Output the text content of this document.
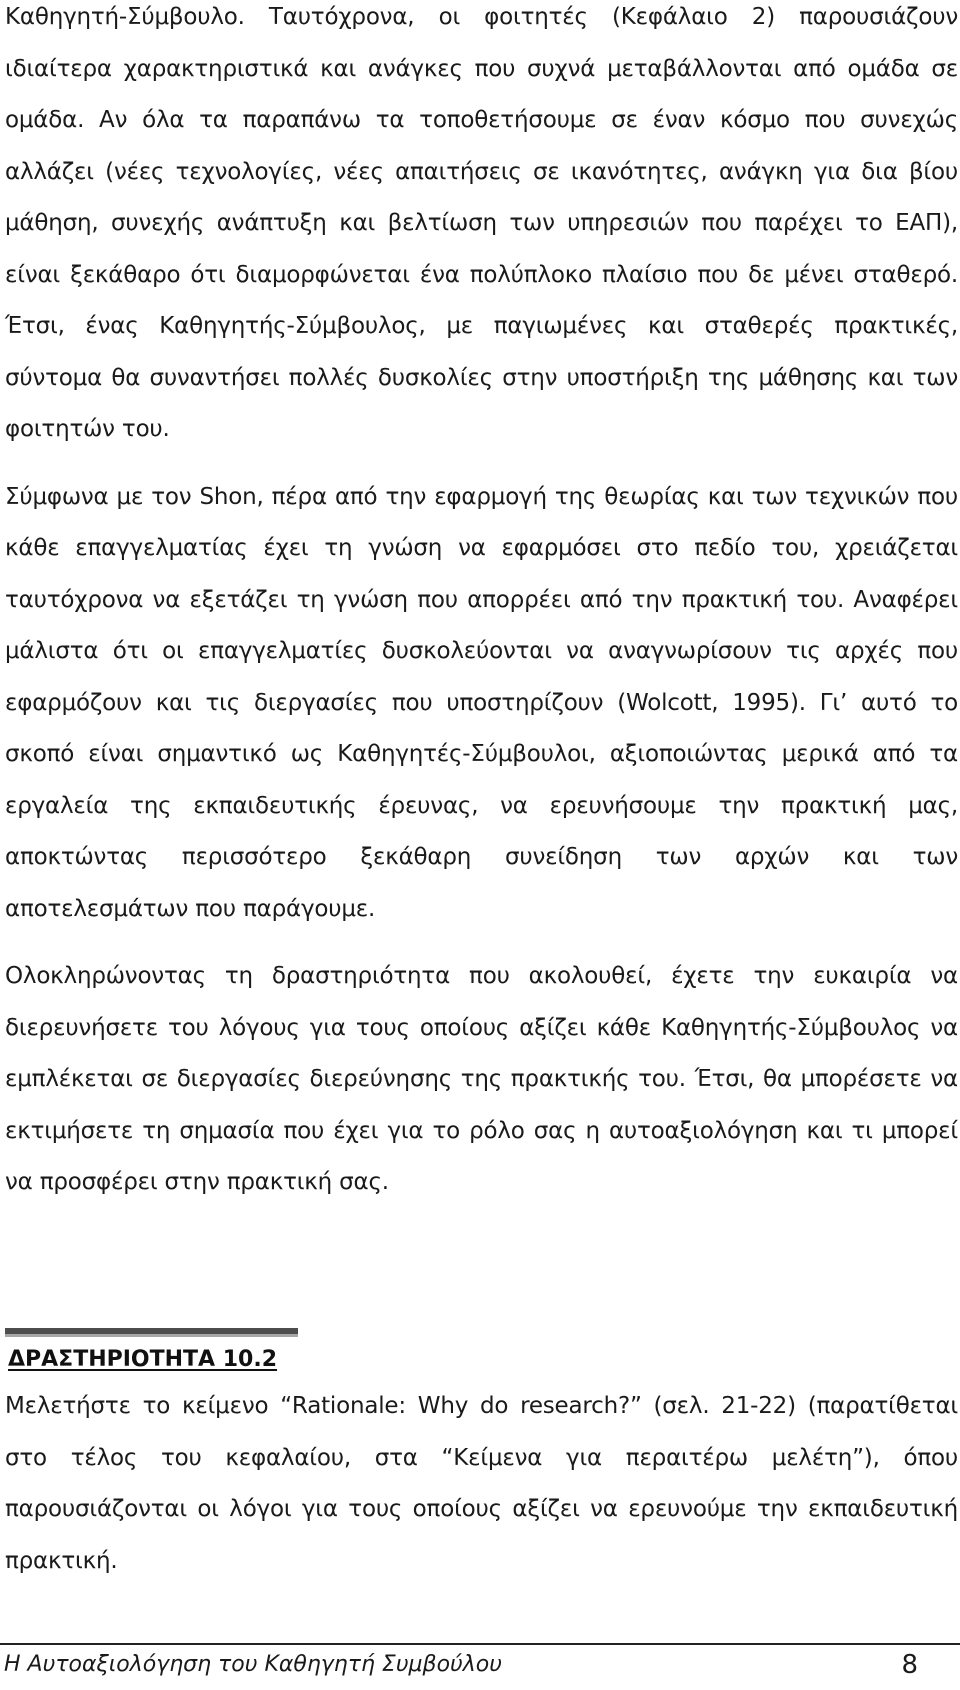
Καθηγητή-Σύμβουλο. Ταυτόχρονα, οι φοιτητές (Κεφάλαιο 2) παρουσιάζουν ιδιαίτερα χαρακτηριστικά και ανάγκες που συχνά μεταβάλλονται από ομάδα σε ομάδα. Αν όλα τα παραπάνω τα τοποθετήσουμε σε έναν κόσμο που συνεχώς αλλάζει (νέες τεχνολογίες, νέες απαιτήσεις σε ικανότητες, ανάγκη για δια βίου μάθηση, συνεχής ανάπτυξη και βελτίωση των υπηρεσιών που παρέχει το ΕΑΠ), είναι ξεκάθαρο ότι διαμορφώνεται ένα πολύπλοκο πλαίσιο που δε μένει σταθερό. Έτσι, ένας Καθηγητής-Σύμβουλος, με παγιωμένες και σταθερές πρακτικές, σύντομα θα συναντήσει πολλές δυσκολίες στην υποστήριξη της μάθησης και των φοιτητών του.

Σύμφωνα με τον Shon, πέρα από την εφαρμογή της θεωρίας και των τεχνικών που κάθε επαγγελματίας έχει τη γνώση να εφαρμόσει στο πεδίο του, χρειάζεται ταυτόχρονα να εξετάζει τη γνώση που απορρέει από την πρακτική του. Αναφέρει μάλιστα ότι οι επαγγελματίες δυσκολεύονται να αναγνωρίσουν τις αρχές που εφαρμόζουν και τις διεργασίες που υποστηρίζουν (Wolcott, 1995). Γι’ αυτό το σκοπό είναι σημαντικό ως Καθηγητές-Σύμβουλοι, αξιοποιώντας μερικά από τα εργαλεία της εκπαιδευτικής έρευνας, να ερευνήσουμε την πρακτική μας, αποκτώντας περισσότερο ξεκάθαρη συνείδηση των αρχών και των αποτελεσμάτων που παράγουμε.

Ολοκληρώνοντας τη δραστηριότητα που ακολουθεί, έχετε την ευκαιρία να διερευνήσετε του λόγους για τους οποίους αξίζει κάθε Καθηγητής-Σύμβουλος να εμπλέκεται σε διεργασίες διερεύνησης της πρακτικής του. Έτσι, θα μπορέσετε να εκτιμήσετε τη σημασία που έχει για το ρόλο σας η αυτοαξιολόγηση και τι μπορεί να προσφέρει στην πρακτική σας.

ΔΡΑΣΤΗΡΙΟΤΗΤΑ 10.2

Μελετήστε το κείμενο “Rationale: Why do research?” (σελ. 21-22) (παρατίθεται στο τέλος του κεφαλαίου, στα “Κείμενα για περαιτέρω μελέτη”), όπου παρουσιάζονται οι λόγοι για τους οποίους αξίζει να ερευνούμε την εκπαιδευτική πρακτική.

Η Αυτοαξιολόγηση του Καθηγητή Συμβούλου	8
